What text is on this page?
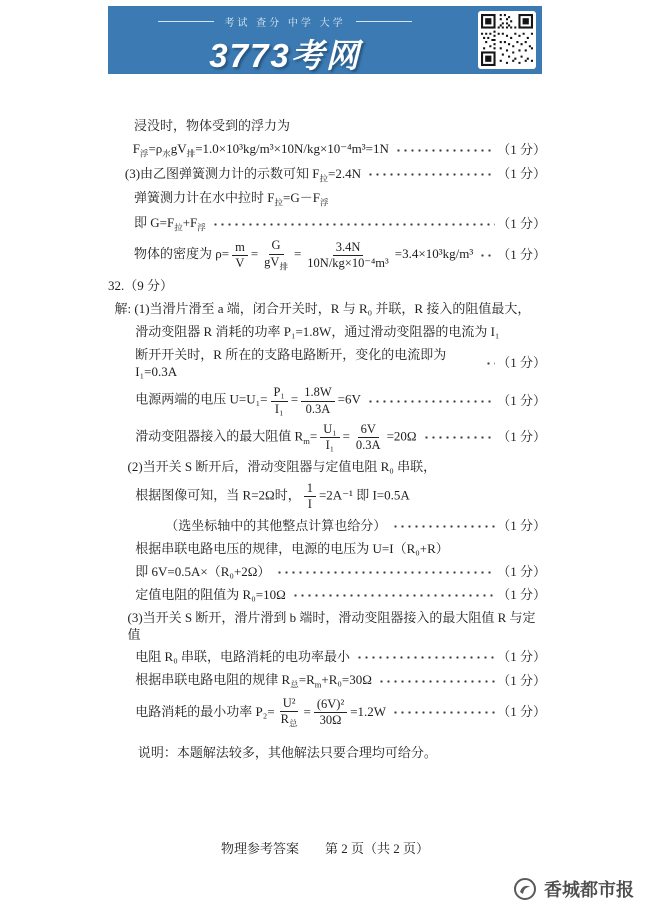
考试 查分 中学 大学
3773考网
浸没时，物体受到的浮力为
$F_浮=\rho_水gV_排=1.0\times 10^3kg/m^3\times 10N/kg\times 10^{-4}m^3=1N$	（1 分）
(3)由乙图弹簧测力计的示数可知 $F_拉=2.4N$	（1 分）
弹簧测力计在水中拉时 $F_拉=G-F_浮$
即 $G=F_拉+F_浮$	（1 分）
物体的密度为 $\rho= \frac{m}{V} = \frac{G}{gV_排} = \frac{3.4N}{\text{10N/kg×10⁻⁴m³}} =3.4\times 10^3kg/m^3$ （1 分）
32.（9 分）
解: (1)当滑片滑至 a 端，闭合开关时，R 与 R₀ 并联，R 接入的阻值最大，
滑动变阻器 R 消耗的功率 P₁=1.8W，通过滑动变阻器的电流为 I₁
断开开关时，R 所在的支路电路断开，变化的电流即为 I₁=0.3A
（1 分）
电源两端的电压 $U=U_1= \frac{\text{P₁}}{\text{I₁}} = \frac{1.8W}{0.3A} =6V$	（1 分）
滑动变阻器接入的最大阻值 $R_m= \frac{\text{U₁}}{\text{I₁}} = \frac{6V}{0.3A} =20\Omega$	（1 分）
(2)当开关 S 断开后，滑动变阻器与定值电阻 R₀ 串联，
根据图像可知，当 R=2Ω时， $\frac{1}{I} =2A^{-1}$ 即 I=0.5A
（选坐标轴中的其他整点计算也给分）	（1 分）
根据串联电路电压的规律，电源的电压为 U=I（R₀+R）
即 6V=0.5A×（R₀+2Ω）	（1 分）
定值电阻的阻值为 R₀=10Ω	（1 分）
(3)当开关 S 断开，滑片滑到 b 端时，滑动变阻器接入的最大阻值 R 与定值
电阻 R₀ 串联，电路消耗的电功率最小	（1 分）
根据串联电路电阻的规律 $R_总=R_m+R_0=30\Omega$	（1 分）
电路消耗的最小功率 $P_2= \frac{\text{U²}}{R_总} = \frac{\text{(6V)²}}{30\Omega} =1.2W$	（1 分）
说明：本题解法较多，其他解法只要合理均可给分。
物理参考答案　　第 2 页（共 2 页）
香城都市报
